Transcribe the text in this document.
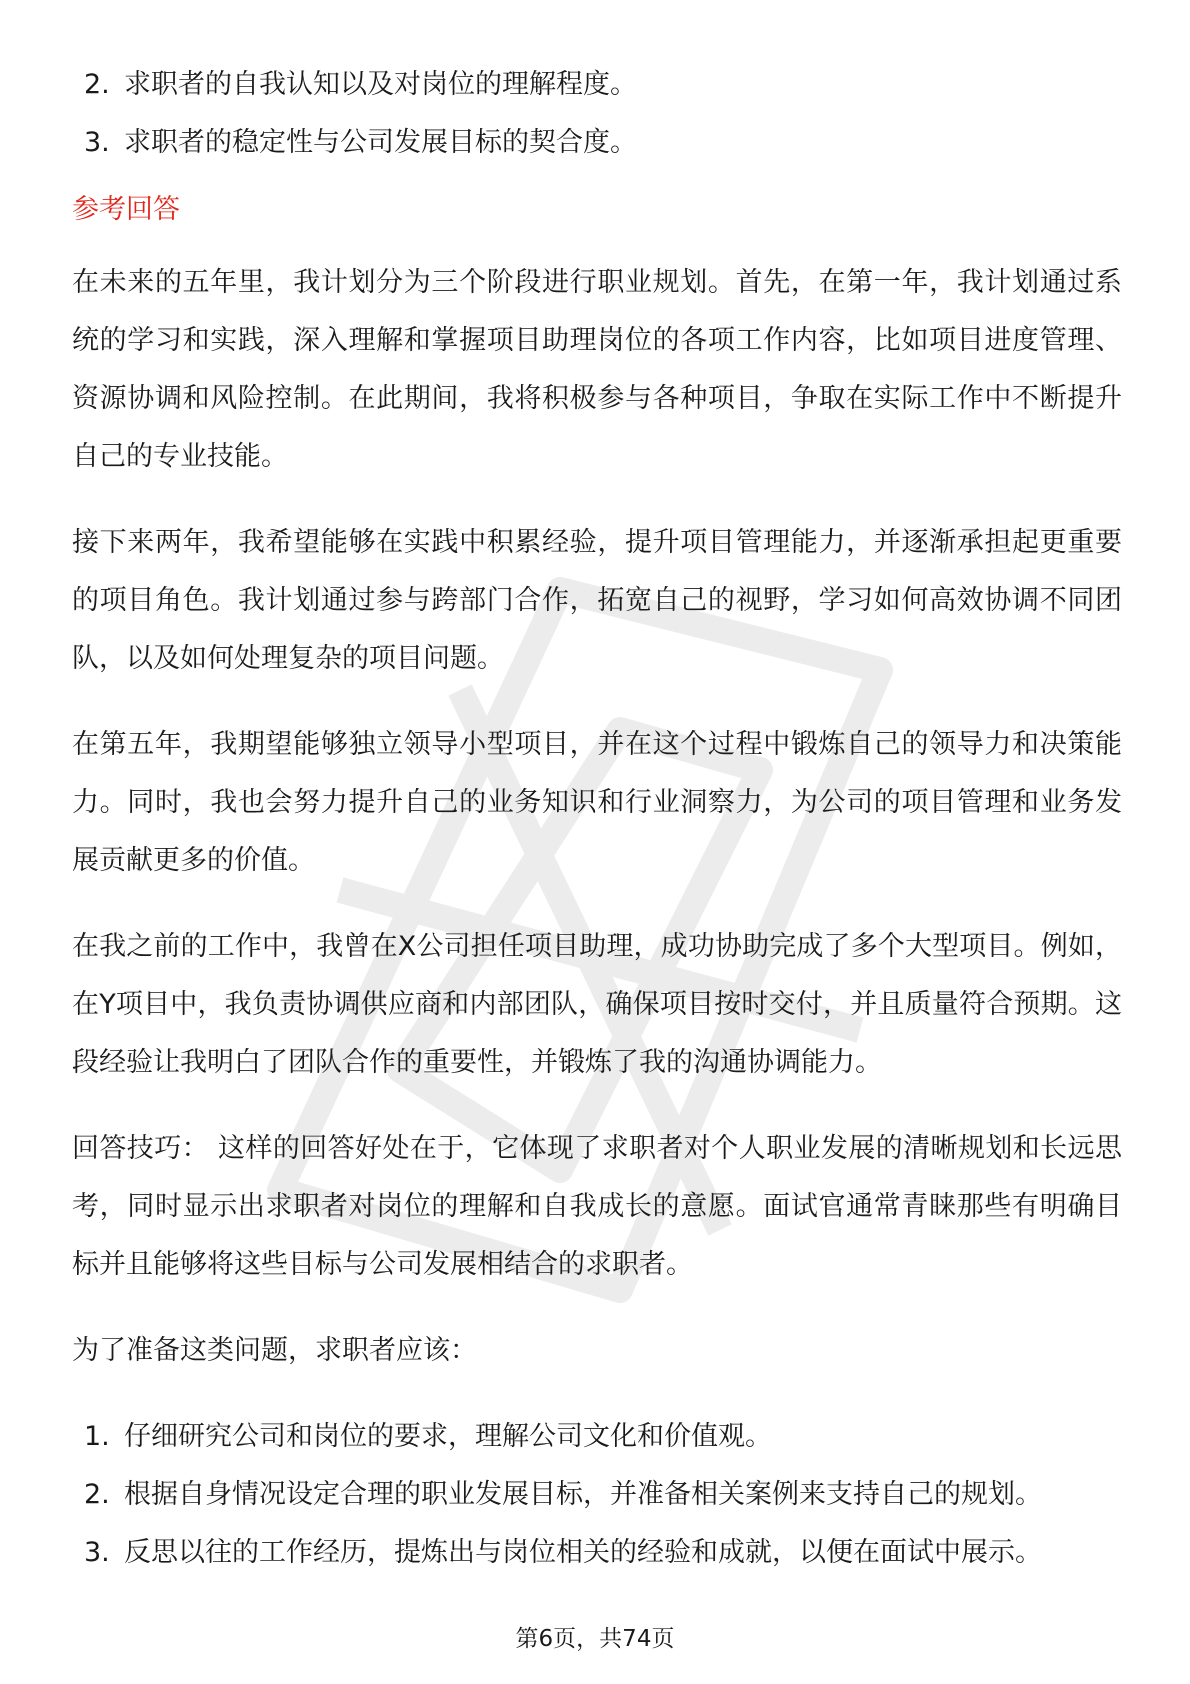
2. 求职者的自我认知以及对岗位的理解程度。
3. 求职者的稳定性与公司发展目标的契合度。
参考回答

在未来的五年里，我计划分为三个阶段进行职业规划。首先，在第一年，我计划通过系统的学习和实践，深入理解和掌握项目助理岗位的各项工作内容，比如项目进度管理、资源协调和风险控制。在此期间，我将积极参与各种项目，争取在实际工作中不断提升自己的专业技能。

接下来两年，我希望能够在实践中积累经验，提升项目管理能力，并逐渐承担起更重要的项目角色。我计划通过参与跨部门合作，拓宽自己的视野，学习如何高效协调不同团队，以及如何处理复杂的项目问题。

在第五年，我期望能够独立领导小型项目，并在这个过程中锻炼自己的领导力和决策能力。同时，我也会努力提升自己的业务知识和行业洞察力，为公司的项目管理和业务发展贡献更多的价值。

在我之前的工作中，我曾在X公司担任项目助理，成功协助完成了多个大型项目。例如，在Y项目中，我负责协调供应商和内部团队，确保项目按时交付，并且质量符合预期。这段经验让我明白了团队合作的重要性，并锻炼了我的沟通协调能力。

回答技巧： 这样的回答好处在于，它体现了求职者对个人职业发展的清晰规划和长远思考，同时显示出求职者对岗位的理解和自我成长的意愿。面试官通常青睐那些有明确目标并且能够将这些目标与公司发展相结合的求职者。

为了准备这类问题，求职者应该：

1. 仔细研究公司和岗位的要求，理解公司文化和价值观。
2. 根据自身情况设定合理的职业发展目标，并准备相关案例来支持自己的规划。
3. 反思以往的工作经历，提炼出与岗位相关的经验和成就，以便在面试中展示。
第6页，共74页
